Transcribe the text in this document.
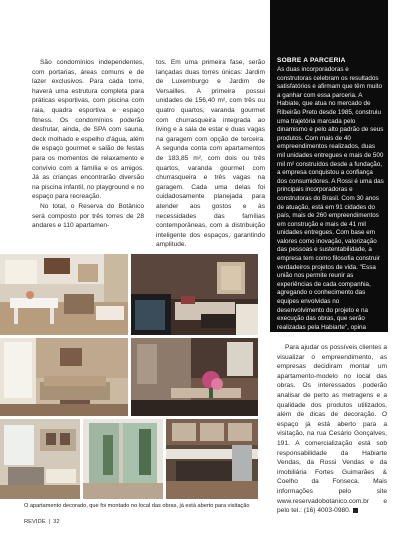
São condomínios independentes, com portarias, áreas comuns e de lazer exclusivos. Para cada torre, haverá uma estrutura completa para práticas esportivas, com piscina com raia, quadra esportiva e espaço fitness. Os condomínios poderão desfrutar, ainda, de SPA com sauna, deck molhado e espelho d'água, além de espaço gourmet e salão de festas para os momentos de relaxamento e convívio com a família e os amigos. Já as crianças encontrarão diversão na piscina infantil, no playground e no espaço para recreação.

No total, o Reserva do Botânico será composto por três torres de 28 andares e 110 apartamen-

tos. Em uma primeira fase, serão lançadas duas torres únicas: Jardim de Luxemburgo e Jardim de Versailles. A primeira possui unidades de 156,40 m², com três ou quatro quartos, varanda gourmet com churrasqueira integrada ao living e a sala de estar e duas vagas na garagem com opção de terceira. A segunda conta com apartamentos de 183,85 m², com dois ou três quartos, varanda gourmet com churrasqueira e três vagas na garagem. Cada uma delas foi cuidadosamente planejada para atender aos gostos e às necessidades das famílias contemporâneas, com a distribuição inteligente dos espaços, garantindo amplitude.

SOBRE A PARCERIA

As duas incorporadoras e construtoras celebram os resultados satisfatórios e afirmam que têm muito a ganhar com essa parceria. A Habiate, que atua no mercado de Ribeirão Preto desde 1985, construiu uma trajetória marcada pelo dinamismo e pelo alto padrão de seus produtos. Com mais de 40 empreendimentos realizados, duas mil unidades entregues e mais de 500 mil m² construídos desde a fundação, a empresa conquistou a confiança dos consumidores. A Rossi é uma das principais incorporadoras e construtoras do Brasil. Com 30 anos de atuação, está em 91 cidades do país, mais de 260 empreendimentos em construção e mais de 41 mil unidades entregues. Com base em valores como inovação, valorização das pessoas e sustentabilidade, a empresa tem como filosofia construir verdadeiros projetos de vida. "Essa união nos permite reunir as experiências de cada companhia, agregando o conhecimento das equipes envolvidas no desenvolvimento do projeto e na execução das obras, que serão realizadas pela Habiarte", opina Tadeu.

Para ajudar os possíveis clientes a visualizar o empreendimento, as empresas decidiram montar um apartamento-modelo no local das obras. Os interessados poderão analisar de perto as metragens e a qualidade dos produtos utilizados, além de dicas de decoração. O espaço já está aberto para a visitação, na rua Cesário Gonçalves, 191. A comercialização está sob responsabilidade da Habiarte Vendas, da Rossi Vendas e da imobiliária Fortes Guimarães & Coelho da Fonseca. Mais informações pelo site www.reservadobotanico.com.br e pelo tel.: (16) 4003-0980.

O apartamento decorado, que foi montado no local das obras, já está aberto para visitação
REVIDE | 32
